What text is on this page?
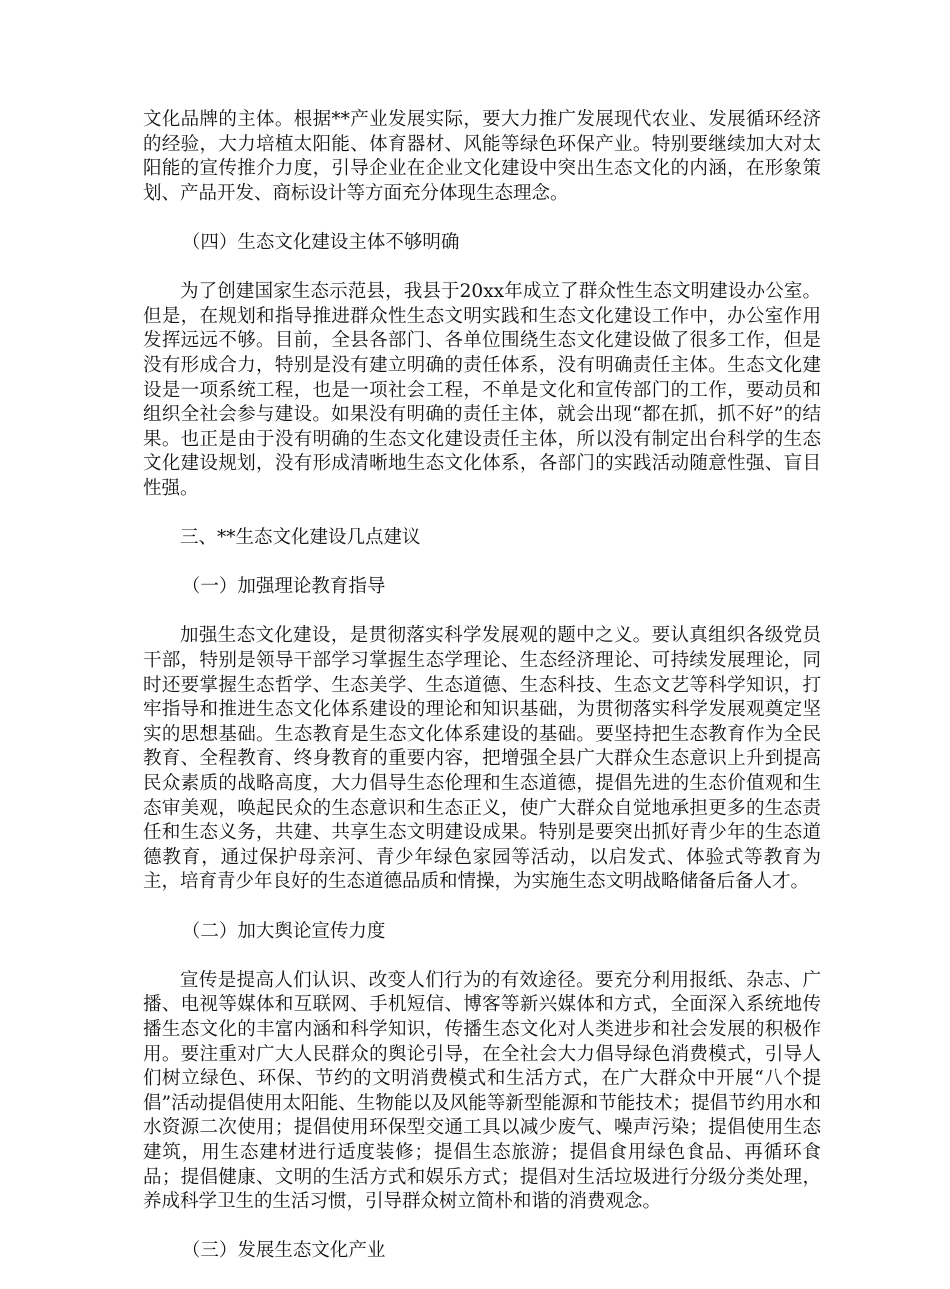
文化品牌的主体。根据**产业发展实际，要大力推广发展现代农业、发展循环经济的经验，大力培植太阳能、体育器材、风能等绿色环保产业。特别要继续加大对太阳能的宣传推介力度，引导企业在企业文化建设中突出生态文化的内涵，在形象策划、产品开发、商标设计等方面充分体现生态理念。

（四）生态文化建设主体不够明确

为了创建国家生态示范县，我县于20xx年成立了群众性生态文明建设办公室。但是，在规划和指导推进群众性生态文明实践和生态文化建设工作中，办公室作用发挥远远不够。目前，全县各部门、各单位围绕生态文化建设做了很多工作，但是没有形成合力，特别是没有建立明确的责任体系，没有明确责任主体。生态文化建设是一项系统工程，也是一项社会工程，不单是文化和宣传部门的工作，要动员和组织全社会参与建设。如果没有明确的责任主体，就会出现“都在抓，抓不好”的结果。也正是由于没有明确的生态文化建设责任主体，所以没有制定出台科学的生态文化建设规划，没有形成清晰地生态文化体系，各部门的实践活动随意性强、盲目性强。

三、**生态文化建设几点建议

（一）加强理论教育指导

加强生态文化建设，是贯彻落实科学发展观的题中之义。要认真组织各级党员干部，特别是领导干部学习掌握生态学理论、生态经济理论、可持续发展理论，同时还要掌握生态哲学、生态美学、生态道德、生态科技、生态文艺等科学知识，打牢指导和推进生态文化体系建设的理论和知识基础，为贯彻落实科学发展观奠定坚实的思想基础。生态教育是生态文化体系建设的基础。要坚持把生态教育作为全民教育、全程教育、终身教育的重要内容，把增强全县广大群众生态意识上升到提高民众素质的战略高度，大力倡导生态伦理和生态道德，提倡先进的生态价值观和生态审美观，唤起民众的生态意识和生态正义，使广大群众自觉地承担更多的生态责任和生态义务，共建、共享生态文明建设成果。特别是要突出抓好青少年的生态道德教育，通过保护母亲河、青少年绿色家园等活动，以启发式、体验式等教育为主，培育青少年良好的生态道德品质和情操，为实施生态文明战略储备后备人才。

（二）加大舆论宣传力度

宣传是提高人们认识、改变人们行为的有效途径。要充分利用报纸、杂志、广播、电视等媒体和互联网、手机短信、博客等新兴媒体和方式，全面深入系统地传播生态文化的丰富内涵和科学知识，传播生态文化对人类进步和社会发展的积极作用。要注重对广大人民群众的舆论引导，在全社会大力倡导绿色消费模式，引导人们树立绿色、环保、节约的文明消费模式和生活方式，在广大群众中开展“八个提倡”活动提倡使用太阳能、生物能以及风能等新型能源和节能技术；提倡节约用水和水资源二次使用；提倡使用环保型交通工具以减少废气、噪声污染；提倡使用生态建筑，用生态建材进行适度装修；提倡生态旅游；提倡食用绿色食品、再循环食品；提倡健康、文明的生活方式和娱乐方式；提倡对生活垃圾进行分级分类处理，养成科学卫生的生活习惯，引导群众树立简朴和谐的消费观念。

（三）发展生态文化产业
